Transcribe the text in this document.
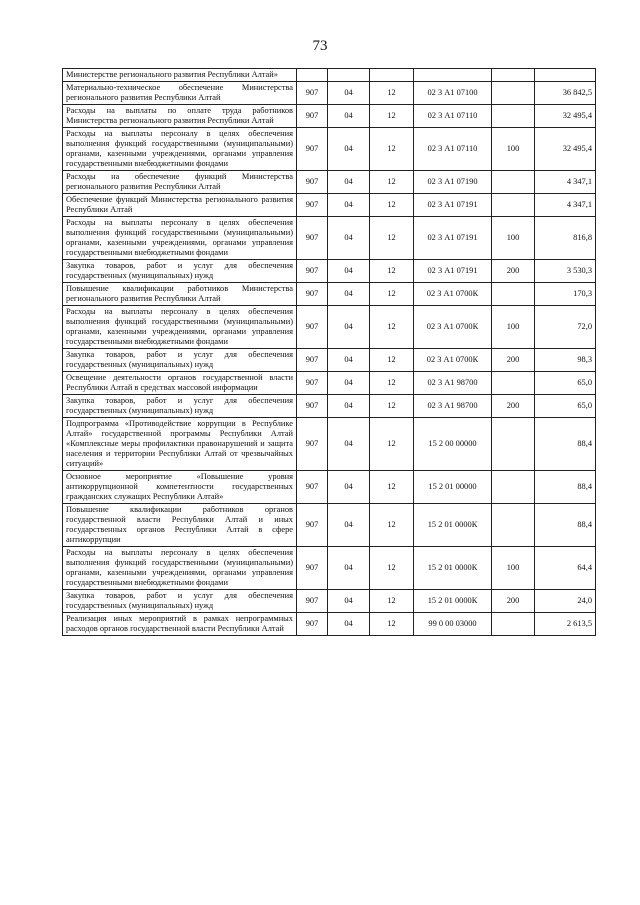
73
Министерстве регионального развития Республики Алтай»						
Материально-техническое обеспечение Министерства регионального развития Республики Алтай	907	04	12	02 3 А1 07100		36 842,5
Расходы на выплаты по оплате труда работников Министерства регионального развития Республики Алтай	907	04	12	02 3 А1 07110		32 495,4
Расходы на выплаты персоналу в целях обеспечения выполнения функций государственными (муниципальными) органами, казенными учреждениями, органами управления государственными внебюджетными фондами	907	04	12	02 3 А1 07110	100	32 495,4
Расходы на обеспечение функций Министерства регионального развития Республики Алтай	907	04	12	02 3 А1 07190		4 347,1
Обеспечение функций Министерства регионального развития Республики Алтай	907	04	12	02 3 А1 07191		4 347,1
Расходы на выплаты персоналу в целях обеспечения выполнения функций государственными (муниципальными) органами, казенными учреждениями, органами управления государственными внебюджетными фондами	907	04	12	02 3 А1 07191	100	816,8
Закупка товаров, работ и услуг для обеспечения государственных (муниципальных) нужд	907	04	12	02 3 А1 07191	200	3 530,3
Повышение квалификации работников Министерства регионального развития Республики Алтай	907	04	12	02 3 А1 0700К		170,3
Расходы на выплаты персоналу в целях обеспечения выполнения функций государственными (муниципальными) органами, казенными учреждениями, органами управления государственными внебюджетными фондами	907	04	12	02 3 А1 0700К	100	72,0
Закупка товаров, работ и услуг для обеспечения государственных (муниципальных) нужд	907	04	12	02 3 А1 0700К	200	98,3
Освещение деятельности органов государственной власти Республики Алтай в средствах массовой информации	907	04	12	02 3 А1 98700		65,0
Закупка товаров, работ и услуг для обеспечения государственных (муниципальных) нужд	907	04	12	02 3 А1 98700	200	65,0
Подпрограмма «Противодействие коррупции в Республике Алтай» государственной программы Республики Алтай «Комплексные меры профилактики правонарушений и защита населения и территории Республики Алтай от чрезвычайных ситуаций»	907	04	12	15 2 00 00000		88,4
Основное мероприятие «Повышение уровня антикоррупционной компетентности государственных гражданских служащих Республики Алтай»	907	04	12	15 2 01 00000		88,4
Повышение квалификации работников органов государственной власти Республики Алтай и иных государственных органов Республики Алтай в сфере антикоррупции	907	04	12	15 2 01 0000К		88,4
Расходы на выплаты персоналу в целях обеспечения выполнения функций государственными (муниципальными) органами, казенными учреждениями, органами управления государственными внебюджетными фондами	907	04	12	15 2 01 0000К	100	64,4
Закупка товаров, работ и услуг для обеспечения государственных (муниципальных) нужд	907	04	12	15 2 01 0000К	200	24,0
Реализация иных мероприятий в рамках непрограммных расходов органов государственной власти Республики Алтай	907	04	12	99 0 00 03000		2 613,5
